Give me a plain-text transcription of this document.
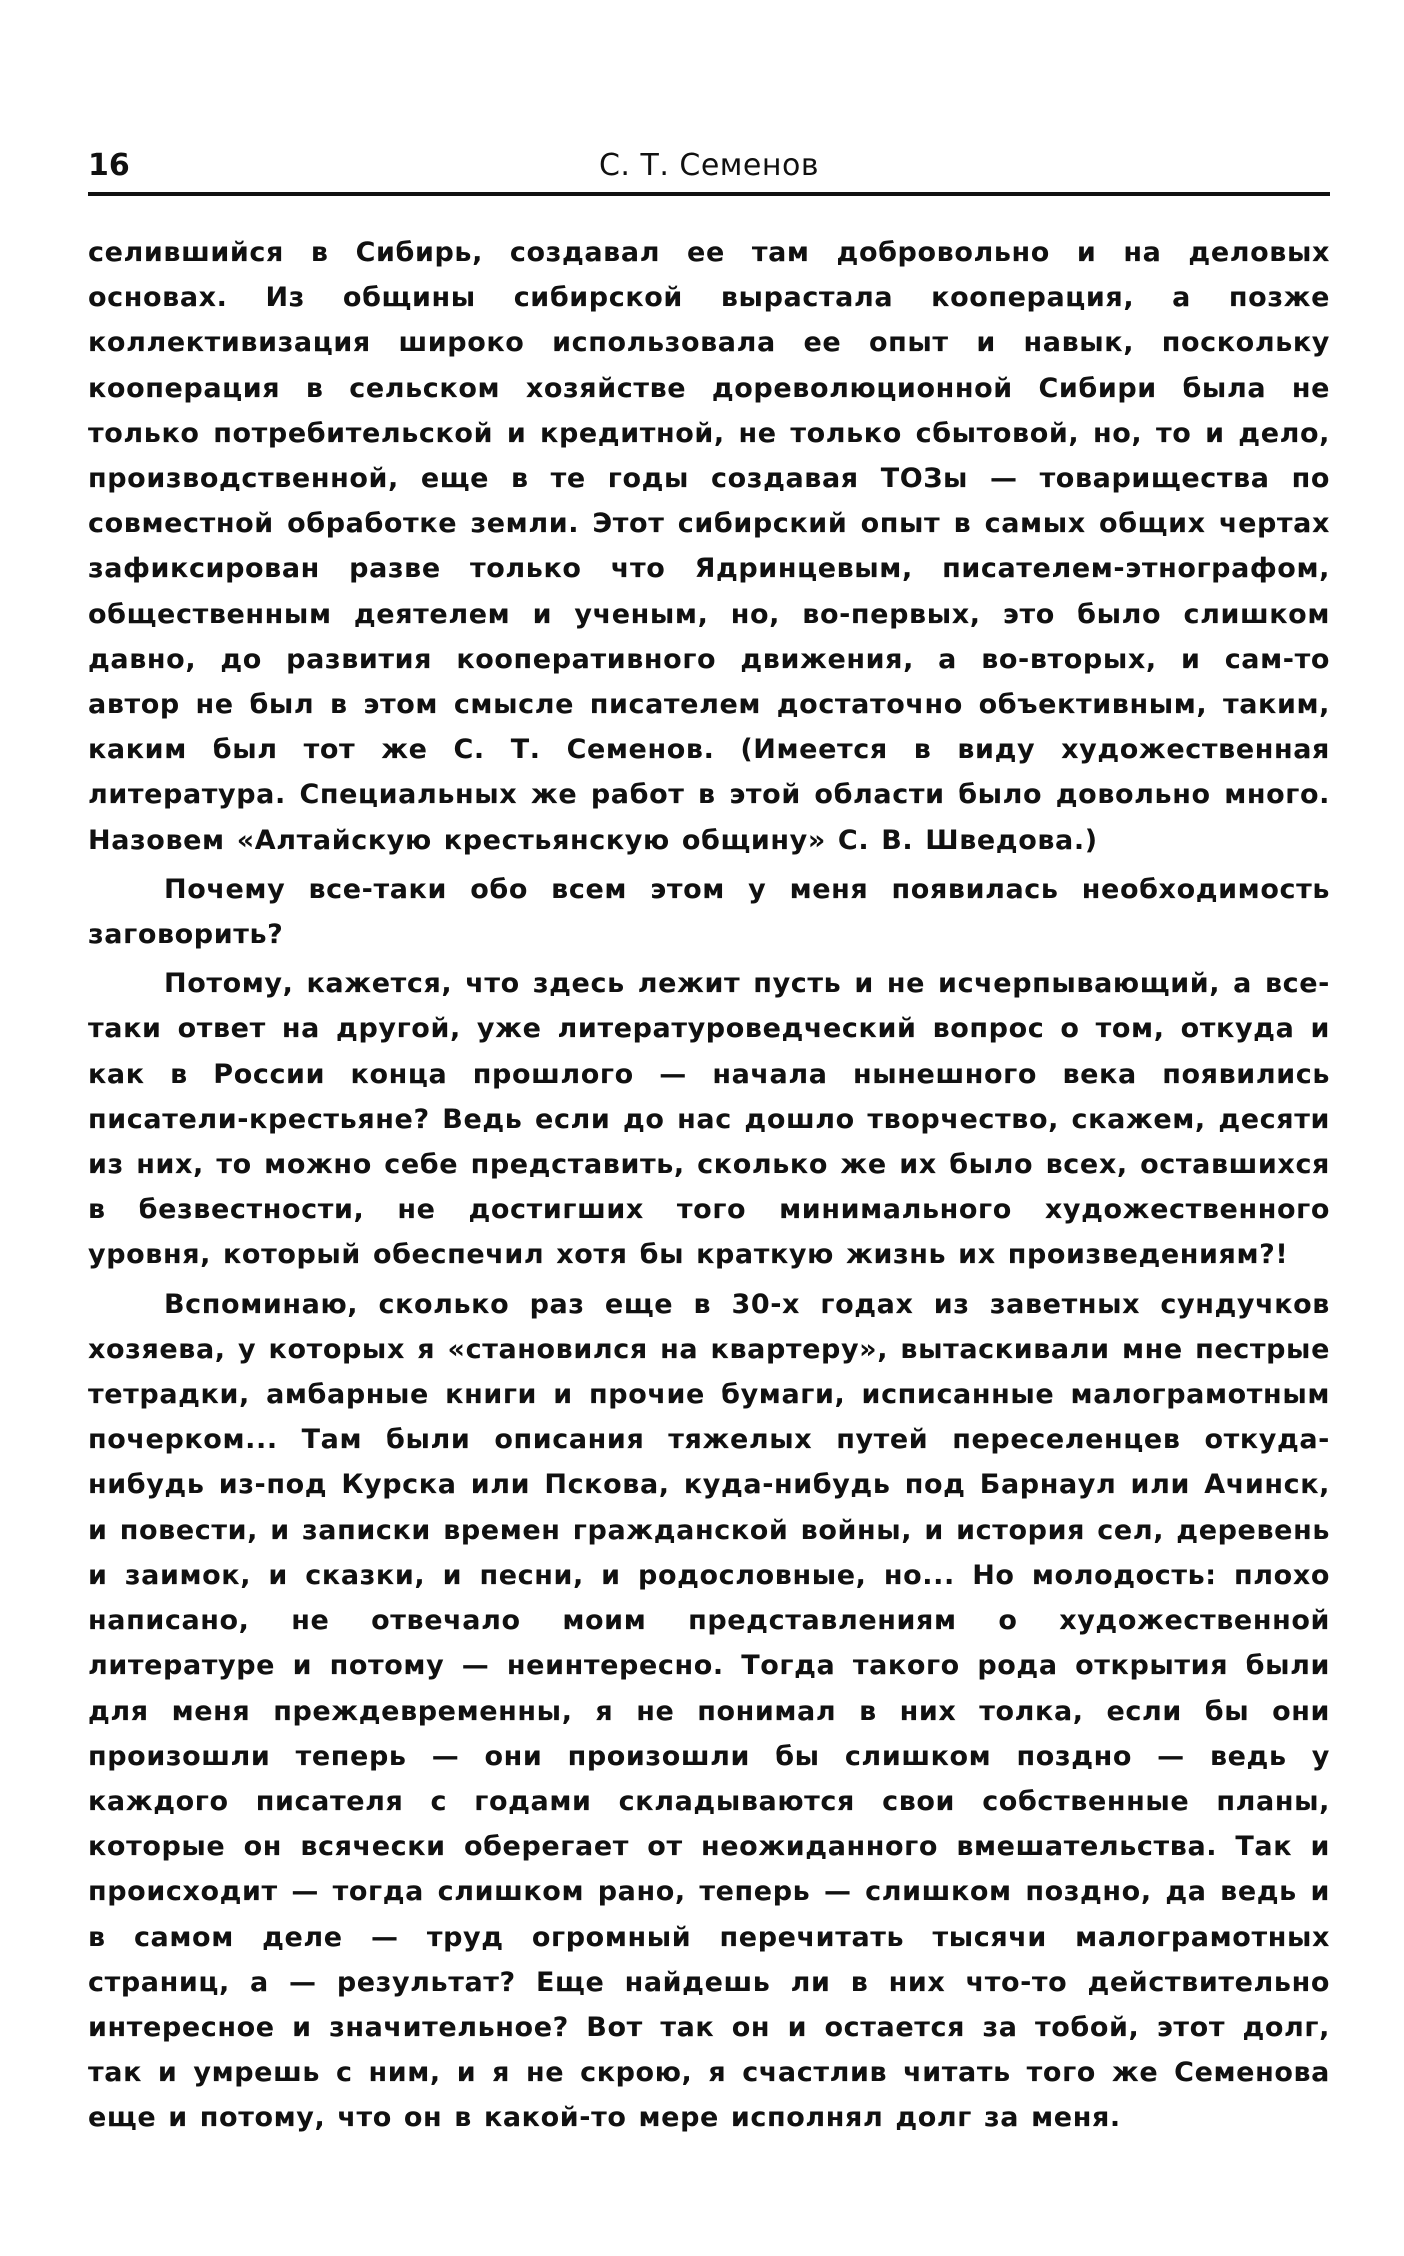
16	С. Т. Семенов

селившийся в Сибирь, создавал ее там добровольно и на деловых основах. Из общины сибирской вырастала кооперация, а позже коллективизация широко использовала ее опыт и навык, поскольку кооперация в сельском хозяйстве дореволюционной Сибири была не только потребительской и кредитной, не только сбытовой, но, то и дело, производственной, еще в те годы создавая ТОЗы — товарищества по совместной обработке земли. Этот сибирский опыт в самых общих чертах зафиксирован разве только что Ядринцевым, писателем-этнографом, общественным деятелем и ученым, но, во-первых, это было слишком давно, до развития кооперативного движения, а во-вторых, и сам-то автор не был в этом смысле писателем достаточно объективным, таким, каким был тот же С. Т. Семенов. (Имеется в виду художественная литература. Специальных же работ в этой области было довольно много. Назовем «Алтайскую крестьянскую общину» С. В. Шведова.)

Почему все-таки обо всем этом у меня появилась необходимость заговорить?

Потому, кажется, что здесь лежит пусть и не исчерпывающий, а все-таки ответ на другой, уже литературоведческий вопрос о том, откуда и как в России конца прошлого — начала нынешного века появились писатели-крестьяне? Ведь если до нас дошло творчество, скажем, десяти из них, то можно себе представить, сколько же их было всех, оставшихся в безвестности, не достигших того минимального художественного уровня, который обеспечил хотя бы краткую жизнь их произведениям?!

Вспоминаю, сколько раз еще в 30-х годах из заветных сундучков хозяева, у которых я «становился на квартеру», вытаскивали мне пестрые тетрадки, амбарные книги и прочие бумаги, исписанные малограмотным почерком... Там были описания тяжелых путей переселенцев откуда-нибудь из-под Курска или Пскова, куда-нибудь под Барнаул или Ачинск, и повести, и записки времен гражданской войны, и история сел, деревень и заимок, и сказки, и песни, и родословные, но... Но молодость: плохо написано, не отвечало моим представлениям о художественной литературе и потому — неинтересно. Тогда такого рода открытия были для меня преждевременны, я не понимал в них толка, если бы они произошли теперь — они произошли бы слишком поздно — ведь у каждого писателя с годами складываются свои собственные планы, которые он всячески оберегает от неожиданного вмешательства. Так и происходит — тогда слишком рано, теперь — слишком поздно, да ведь и в самом деле — труд огромный перечитать тысячи малограмотных страниц, а — результат? Еще найдешь ли в них что-то действительно интересное и значительное? Вот так он и остается за тобой, этот долг, так и умрешь с ним, и я не скрою, я счастлив читать того же Семенова еще и потому, что он в какой-то мере исполнял долг за меня.
